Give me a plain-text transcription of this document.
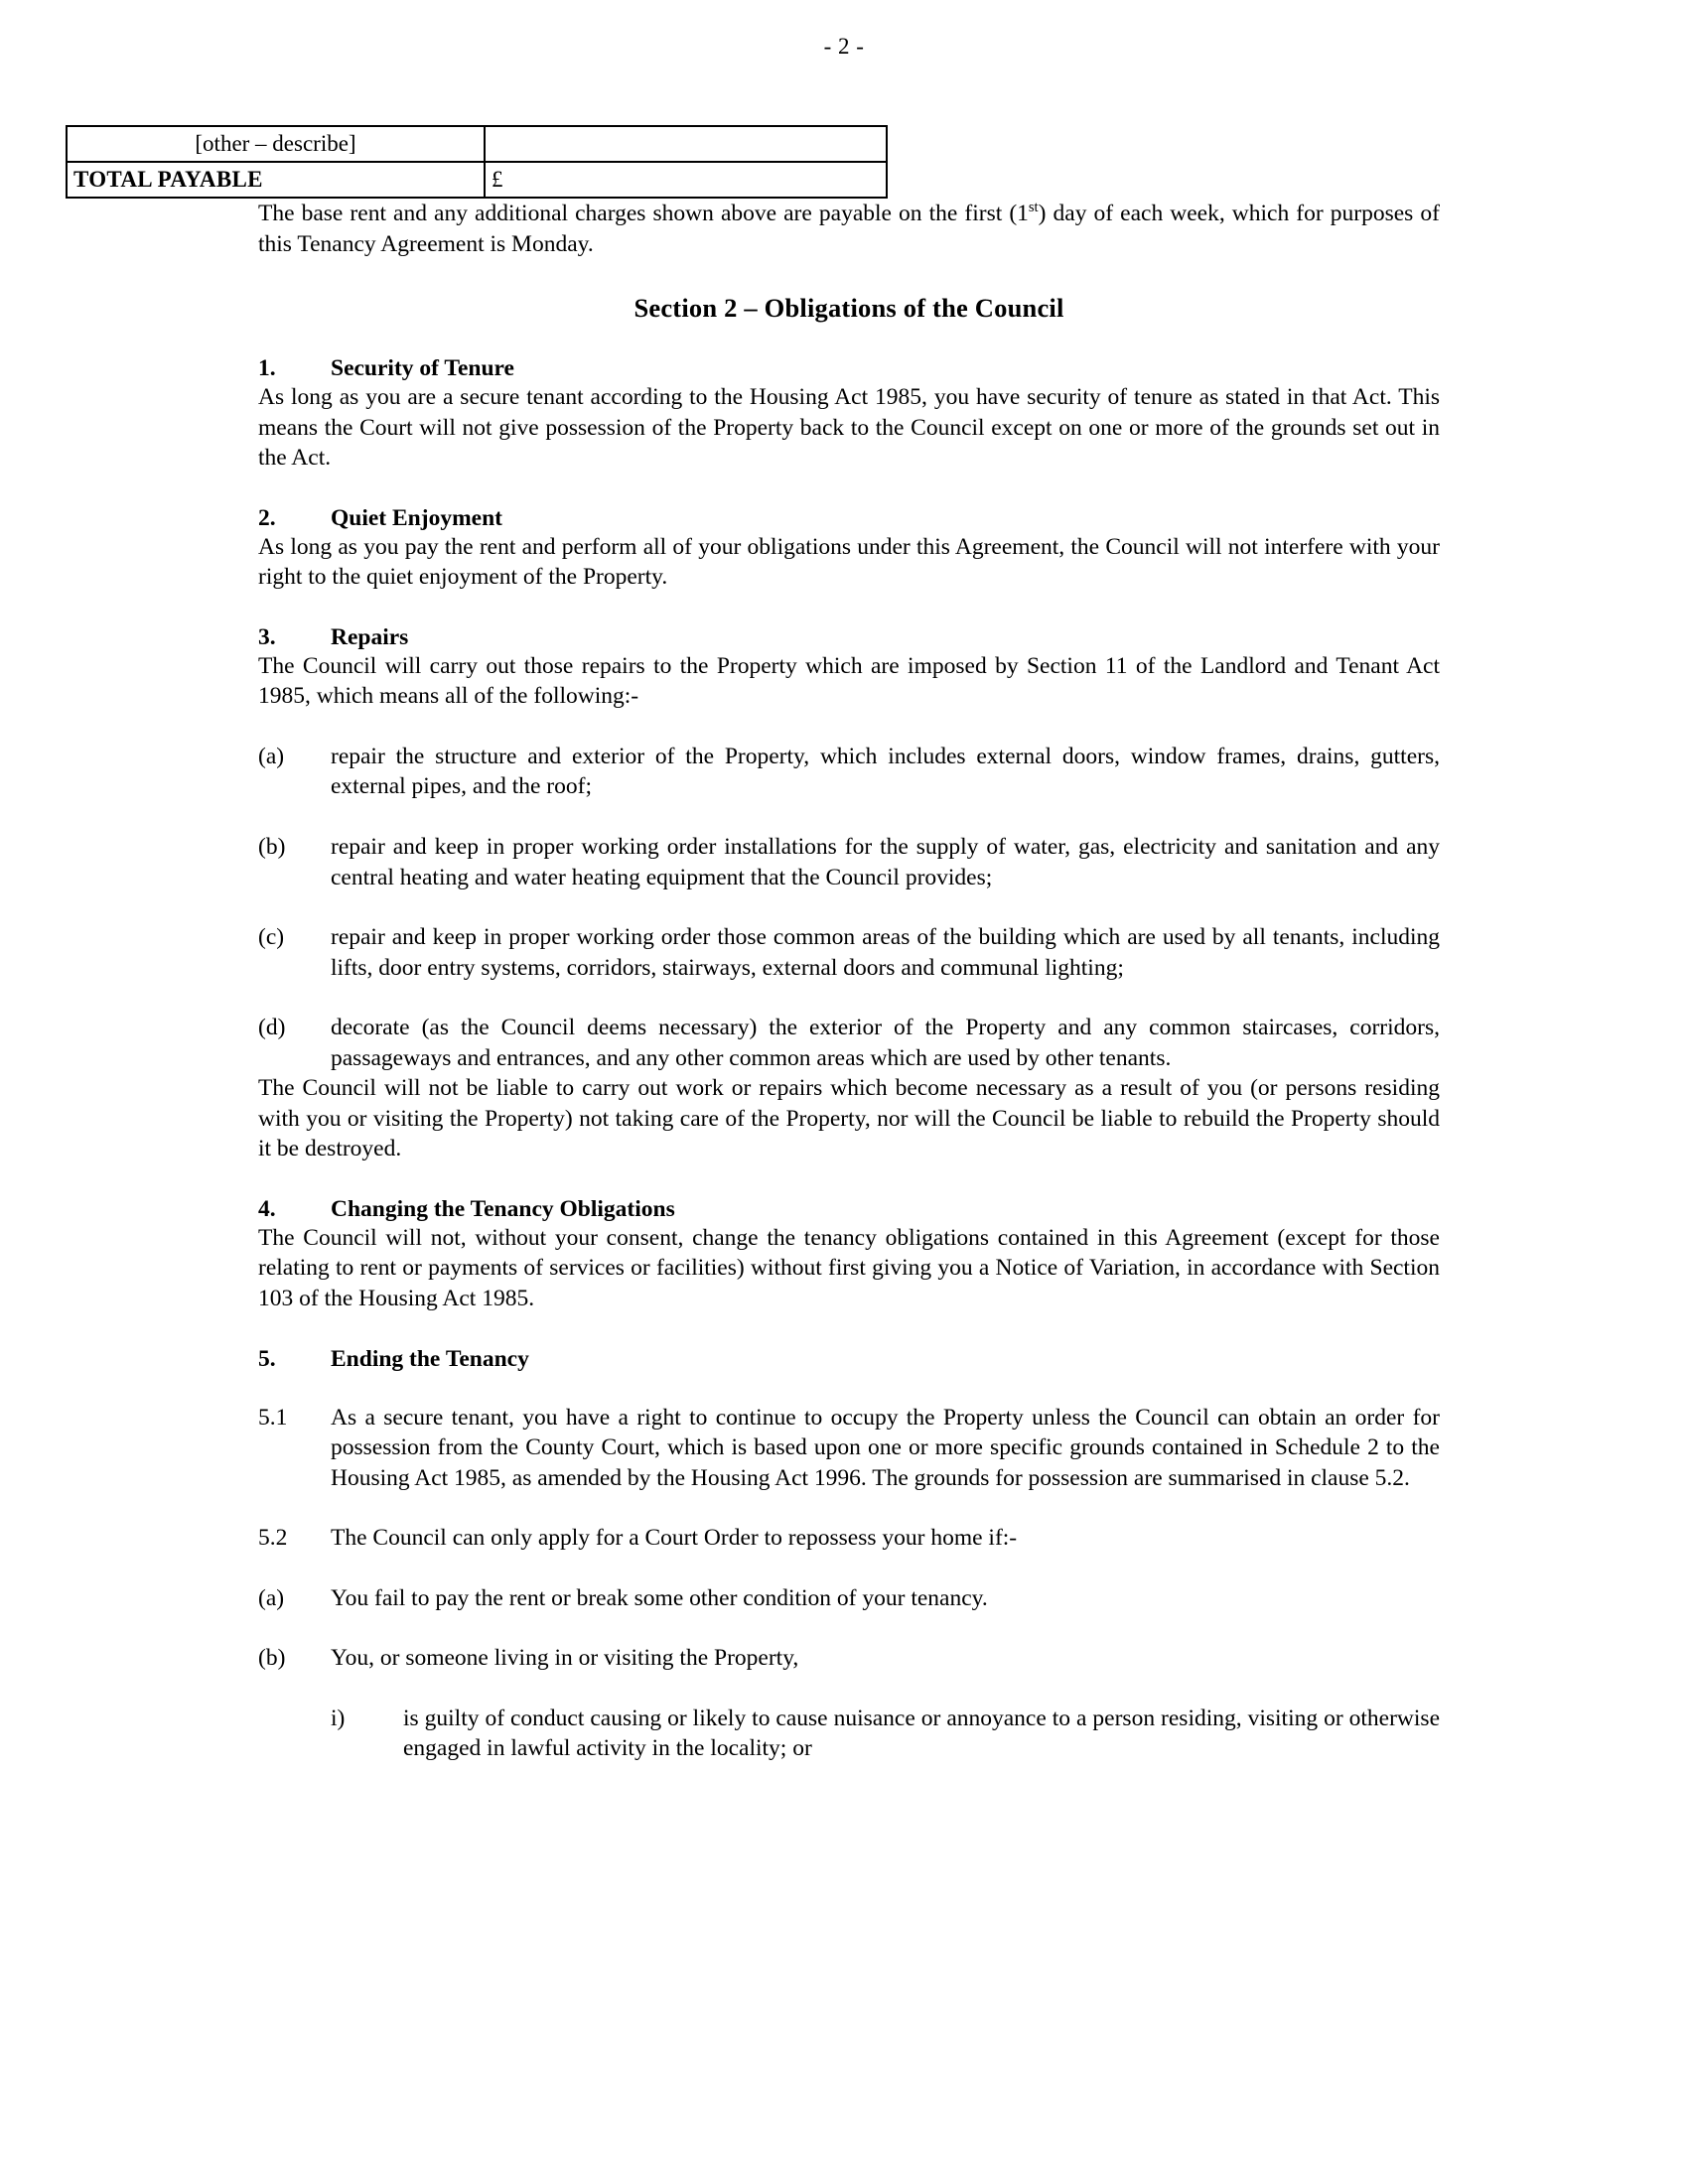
- 2 -
[other – describe]	
TOTAL PAYABLE	£

The base rent and any additional charges shown above are payable on the first (1st) day of each week, which for purposes of this Tenancy Agreement is Monday.

Section 2 – Obligations of the Council
1.	Security of Tenure

As long as you are a secure tenant according to the Housing Act 1985, you have security of tenure as stated in that Act. This means the Court will not give possession of the Property back to the Council except on one or more of the grounds set out in the Act.

2.	Quiet Enjoyment

As long as you pay the rent and perform all of your obligations under this Agreement, the Council will not interfere with your right to the quiet enjoyment of the Property.

3.	Repairs

The Council will carry out those repairs to the Property which are imposed by Section 11 of the Landlord and Tenant Act 1985, which means all of the following:-

(a)	repair the structure and exterior of the Property, which includes external doors, window frames, drains, gutters, external pipes, and the roof;
(b)	repair and keep in proper working order installations for the supply of water, gas, electricity and sanitation and any central heating and water heating equipment that the Council provides;
(c)	repair and keep in proper working order those common areas of the building which are used by all tenants, including lifts, door entry systems, corridors, stairways, external doors and communal lighting;
(d)	decorate (as the Council deems necessary) the exterior of the Property and any common staircases, corridors, passageways and entrances, and any other common areas which are used by other tenants.

The Council will not be liable to carry out work or repairs which become necessary as a result of you (or persons residing with you or visiting the Property) not taking care of the Property, nor will the Council be liable to rebuild the Property should it be destroyed.

4.	Changing the Tenancy Obligations

The Council will not, without your consent, change the tenancy obligations contained in this Agreement (except for those relating to rent or payments of services or facilities) without first giving you a Notice of Variation, in accordance with Section 103 of the Housing Act 1985.

5.	Ending the Tenancy
5.1	As a secure tenant, you have a right to continue to occupy the Property unless the Council can obtain an order for possession from the County Court, which is based upon one or more specific grounds contained in Schedule 2 to the Housing Act 1985, as amended by the Housing Act 1996. The grounds for possession are summarised in clause 5.2.
5.2	The Council can only apply for a Court Order to repossess your home if:-
(a)	You fail to pay the rent or break some other condition of your tenancy.
(b)	You, or someone living in or visiting the Property,
i)	is guilty of conduct causing or likely to cause nuisance or annoyance to a person residing, visiting or otherwise engaged in lawful activity in the locality; or
